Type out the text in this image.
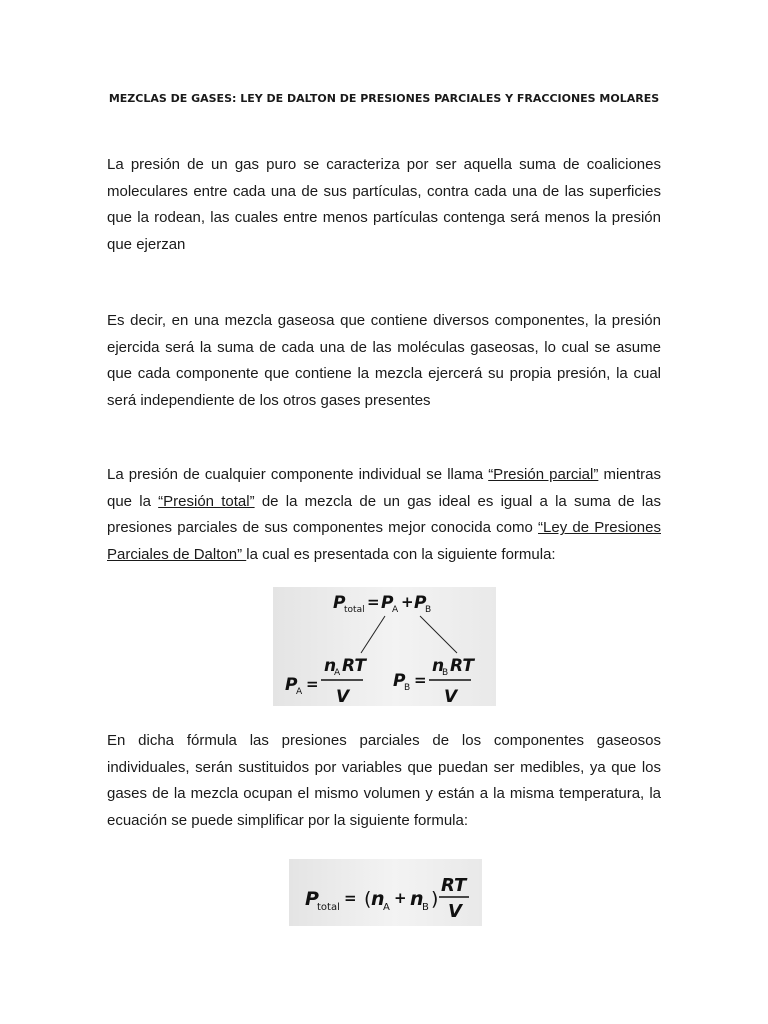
MEZCLAS DE GASES: LEY DE DALTON DE PRESIONES PARCIALES Y FRACCIONES MOLARES

La presión de un gas puro se caracteriza por ser aquella suma de coaliciones moleculares entre cada una de sus partículas, contra cada una de las superficies que la rodean, las cuales entre menos partículas contenga será menos la presión que ejerzan

Es decir, en una mezcla gaseosa que contiene diversos componentes, la presión ejercida será la suma de cada una de las moléculas gaseosas, lo cual se asume que cada componente que contiene la mezcla ejercerá su propia presión, la cual será independiente de los otros gases presentes

La presión de cualquier componente individual se llama “Presión parcial” mientras que la “Presión total” de la mezcla de un gas ideal es igual a la suma de las presiones parciales de sus componentes mejor conocida como “Ley de Presiones Parciales de Dalton” la cual es presentada con la siguiente formula:

P
total = P
A + P
B
P
A =
n
A RT
V
P
B =
n
B RT
V

En dicha fórmula las presiones parciales de los componentes gaseosos individuales, serán sustituidos por variables que puedan ser medibles, ya que los gases de la mezcla ocupan el mismo volumen y están a la misma temperatura, la ecuación se puede simplificar por la siguiente formula:

P
total
= ( n
A
+ n
B )
RT
V
